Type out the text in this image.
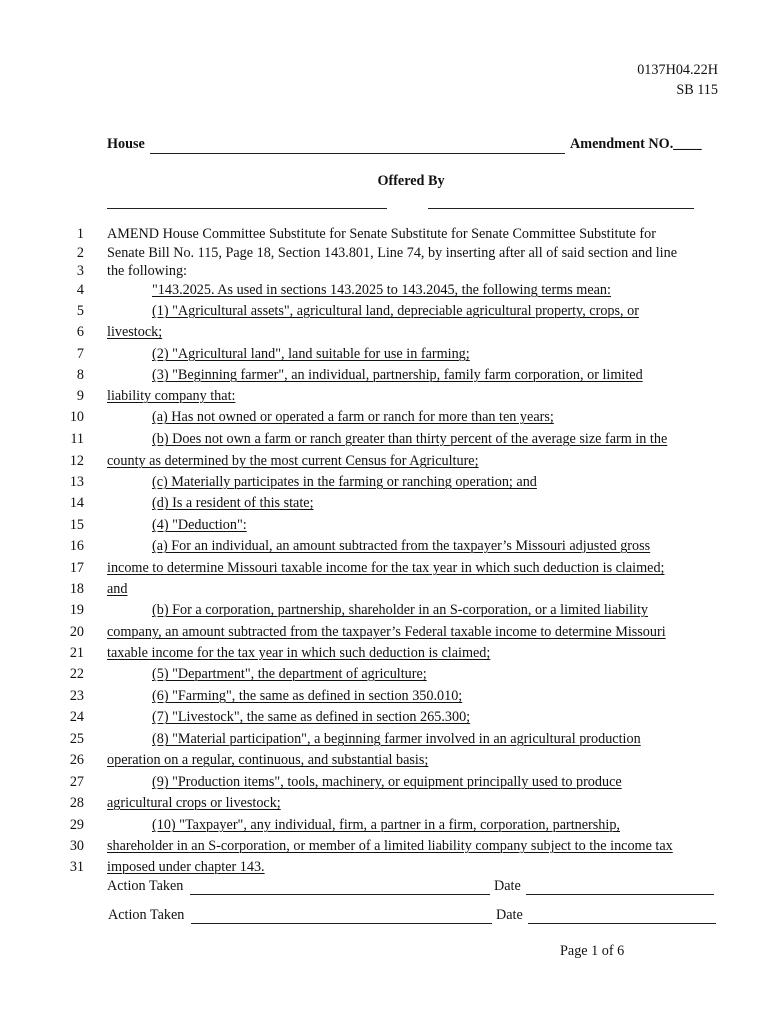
0137H04.22H
SB 115
House	Amendment NO.____
Offered By
1 AMEND House Committee Substitute for Senate Substitute for Senate Committee Substitute for
2 Senate Bill No. 115, Page 18, Section 143.801, Line 74, by inserting after all of said section and line
3 the following:
4	"143.2025. As used in sections 143.2025 to 143.2045, the following terms mean:
5	(1) "Agricultural assets", agricultural land, depreciable agricultural property, crops, or
6 livestock;
7	(2) "Agricultural land", land suitable for use in farming;
8	(3) "Beginning farmer", an individual, partnership, family farm corporation, or limited
9 liability company that:
10	(a) Has not owned or operated a farm or ranch for more than ten years;
11	(b) Does not own a farm or ranch greater than thirty percent of the average size farm in the
12 county as determined by the most current Census for Agriculture;
13	(c) Materially participates in the farming or ranching operation; and
14	(d) Is a resident of this state;
15	(4) "Deduction":
16	(a) For an individual, an amount subtracted from the taxpayer’s Missouri adjusted gross
17 income to determine Missouri taxable income for the tax year in which such deduction is claimed;
18 and
19	(b) For a corporation, partnership, shareholder in an S-corporation, or a limited liability
20 company, an amount subtracted from the taxpayer’s Federal taxable income to determine Missouri
21 taxable income for the tax year in which such deduction is claimed;
22	(5) "Department", the department of agriculture;
23	(6) "Farming", the same as defined in section 350.010;
24	(7) "Livestock", the same as defined in section 265.300;
25	(8) "Material participation", a beginning farmer involved in an agricultural production
26 operation on a regular, continuous, and substantial basis;
27	(9) "Production items", tools, machinery, or equipment principally used to produce
28 agricultural crops or livestock;
29	(10) "Taxpayer", any individual, firm, a partner in a firm, corporation, partnership,
30 shareholder in an S-corporation, or member of a limited liability company subject to the income tax
31 imposed under chapter 143.
Action Taken	Date
Action Taken	Date
Page 1 of 6
